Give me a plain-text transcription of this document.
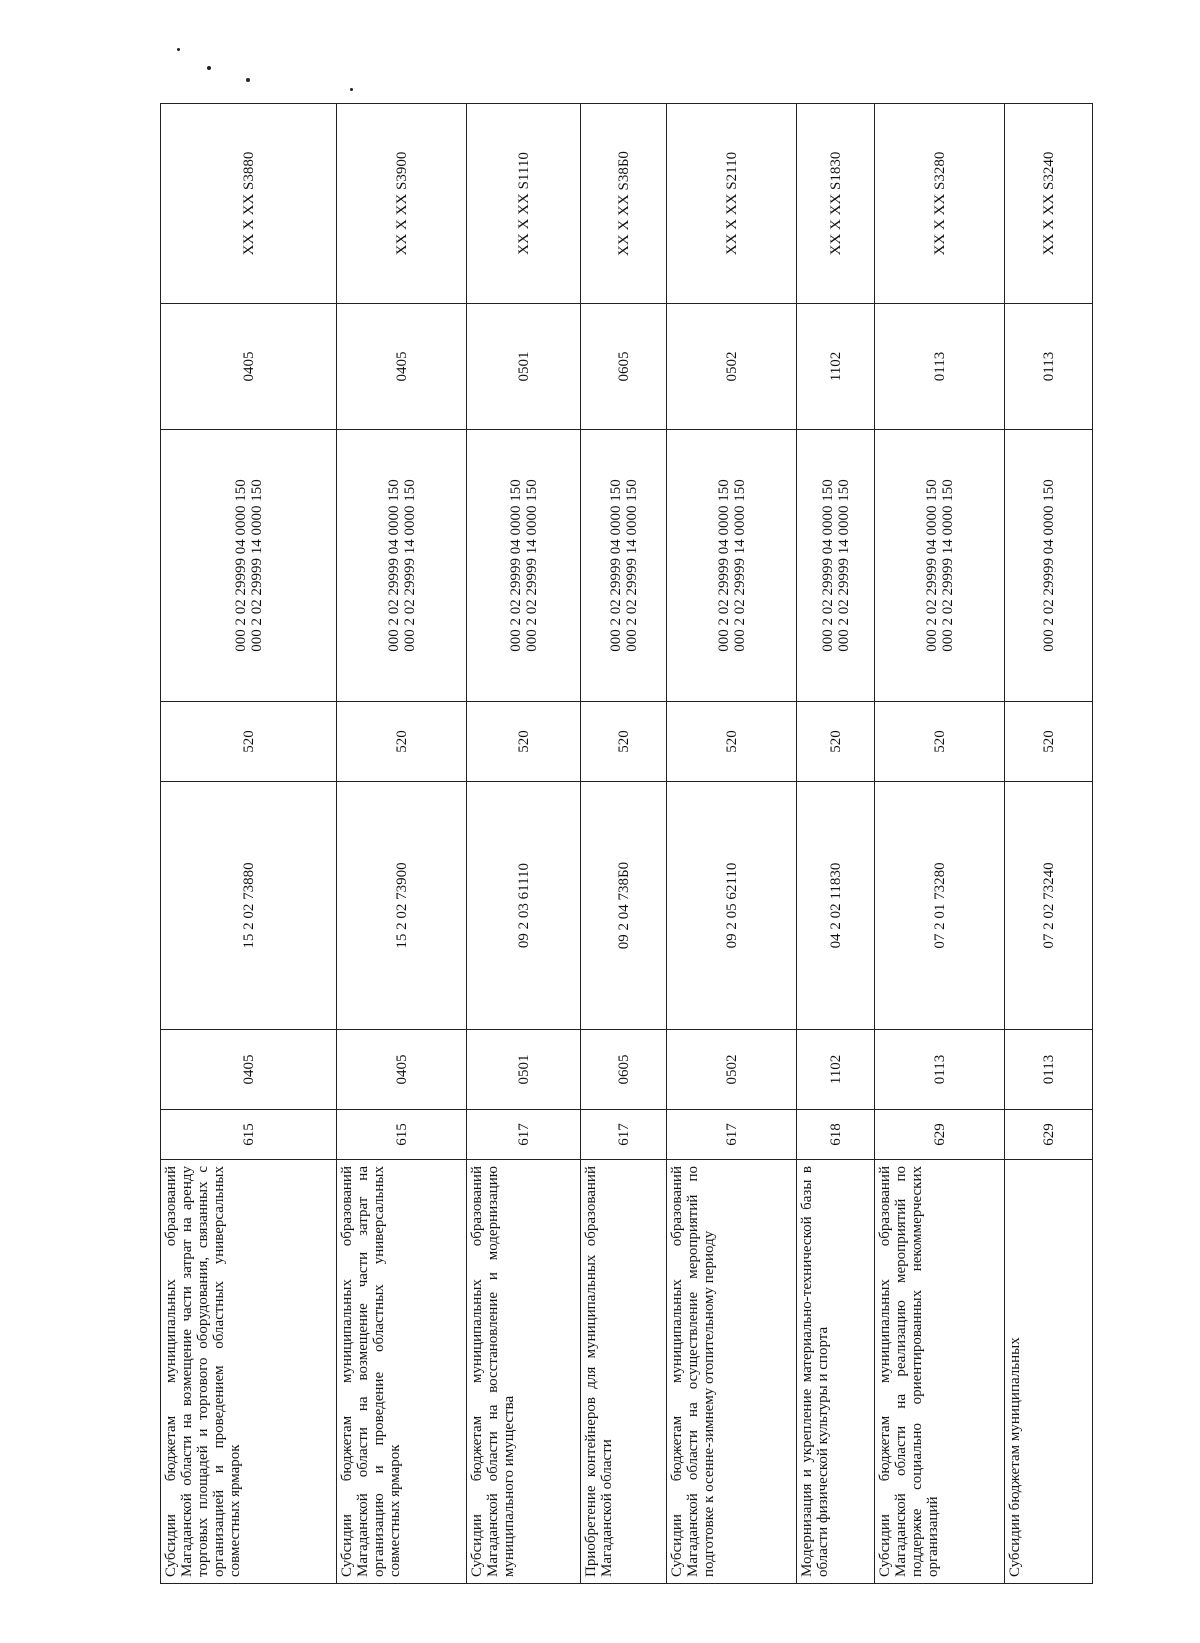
Субсидии бюджетам муниципальных образований Магаданской области на возмещение части затрат на аренду торговых площадей и торгового оборудования, связанных с организацией и проведением областных универсальных совместных ярмарок	615	0405	15 2 02 73880	520	000 2 02 29999 04 0000 150 000 2 02 29999 14 0000 150	0405	XX X XX S3880
Субсидии бюджетам муниципальных образований Магаданской области на возмещение части затрат на организацию и проведение областных универсальных совместных ярмарок	615	0405	15 2 02 73900	520	000 2 02 29999 04 0000 150 000 2 02 29999 14 0000 150	0405	XX X XX S3900
Субсидии бюджетам муниципальных образований Магаданской области на восстановление и модернизацию муниципального имущества	617	0501	09 2 03 61110	520	000 2 02 29999 04 0000 150 000 2 02 29999 14 0000 150	0501	XX X XX S1110
Приобретение контейнеров для муниципальных образований Магаданской области	617	0605	09 2 04 738Б0	520	000 2 02 29999 04 0000 150 000 2 02 29999 14 0000 150	0605	XX X XX S38Б0
Субсидии бюджетам муниципальных образований Магаданской области на осуществление мероприятий по подготовке к осенне-зимнему отопительному периоду	617	0502	09 2 05 62110	520	000 2 02 29999 04 0000 150 000 2 02 29999 14 0000 150	0502	XX X XX S2110
Модернизация и укрепление материально-технической базы в области физической культуры и спорта	618	1102	04 2 02 11830	520	000 2 02 29999 04 0000 150 000 2 02 29999 14 0000 150	1102	XX X XX S1830
Субсидии бюджетам муниципальных образований Магаданской области на реализацию мероприятий по поддержке социально ориентированных некоммерческих организаций	629	0113	07 2 01 73280	520	000 2 02 29999 04 0000 150 000 2 02 29999 14 0000 150	0113	XX X XX S3280
Субсидии бюджетам муниципальных	629	0113	07 2 02 73240	520	000 2 02 29999 04 0000 150	0113	XX X XX S3240
